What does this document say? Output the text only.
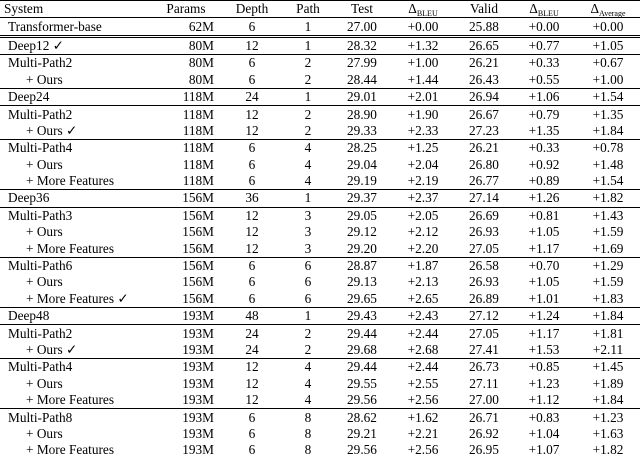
System	Params	Depth	Path	Test	$\Delta_{BLEU}$	Valid	$\Delta_{BLEU}$	$\Delta_{Average}$
Transformer-base	62M	6	1	27.00	+0.00	25.88	+0.00	+0.00
Deep12 ✓	80M	12	1	28.32	+1.32	26.65	+0.77	+1.05
Multi-Path2	80M	6	2	27.99	+1.00	26.21	+0.33	+0.67
+ Ours	80M	6	2	28.44	+1.44	26.43	+0.55	+1.00
Deep24	118M	24	1	29.01	+2.01	26.94	+1.06	+1.54
Multi-Path2	118M	12	2	28.90	+1.90	26.67	+0.79	+1.35
+ Ours ✓	118M	12	2	29.33	+2.33	27.23	+1.35	+1.84
Multi-Path4	118M	6	4	28.25	+1.25	26.21	+0.33	+0.78
+ Ours	118M	6	4	29.04	+2.04	26.80	+0.92	+1.48
+ More Features	118M	6	4	29.19	+2.19	26.77	+0.89	+1.54
Deep36	156M	36	1	29.37	+2.37	27.14	+1.26	+1.82
Multi-Path3	156M	12	3	29.05	+2.05	26.69	+0.81	+1.43
+ Ours	156M	12	3	29.12	+2.12	26.93	+1.05	+1.59
+ More Features	156M	12	3	29.20	+2.20	27.05	+1.17	+1.69
Multi-Path6	156M	6	6	28.87	+1.87	26.58	+0.70	+1.29
+ Ours	156M	6	6	29.13	+2.13	26.93	+1.05	+1.59
+ More Features ✓	156M	6	6	29.65	+2.65	26.89	+1.01	+1.83
Deep48	193M	48	1	29.43	+2.43	27.12	+1.24	+1.84
Multi-Path2	193M	24	2	29.44	+2.44	27.05	+1.17	+1.81
+ Ours ✓	193M	24	2	29.68	+2.68	27.41	+1.53	+2.11
Multi-Path4	193M	12	4	29.44	+2.44	26.73	+0.85	+1.45
+ Ours	193M	12	4	29.55	+2.55	27.11	+1.23	+1.89
+ More Features	193M	12	4	29.56	+2.56	27.00	+1.12	+1.84
Multi-Path8	193M	6	8	28.62	+1.62	26.71	+0.83	+1.23
+ Ours	193M	6	8	29.21	+2.21	26.92	+1.04	+1.63
+ More Features	193M	6	8	29.56	+2.56	26.95	+1.07	+1.82
